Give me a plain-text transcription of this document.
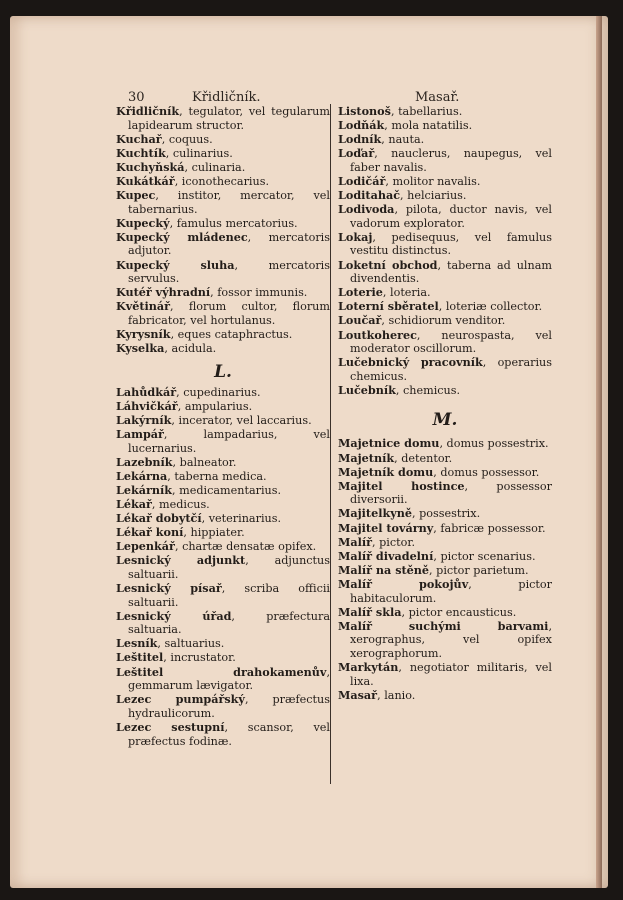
30	Křidličník.	Masař.
Křidličník, tegulator, vel tegularum lapidearum structor.
Kuchař, coquus.
Kuchtík, culinarius.
Kuchyňská, culinaria.
Kukátkář, iconothecarius.
Kupec, institor, mercator, vel tabernarius.
Kupecký, famulus mercatorius.
Kupecký mládenec, mercatoris adjutor.
Kupecký sluha, mercatoris servulus.
Kutéř výhradní, fossor immunis.
Květinář, florum cultor, florum fabricator, vel hortulanus.
Kyrysník, eques cataphractus.
Kyselka, acidula.
L.
Lahůdkář, cupedinarius.
Láhvičkář, ampularius.
Lakýrník, incerator, vel laccarius.
Lampář, lampadarius, vel lucernarius.
Lazebník, balneator.
Lekárna, taberna medica.
Lekárník, medicamentarius.
Lékař, medicus.
Lékař dobytčí, veterinarius.
Lékař koní, hippiater.
Lepenkář, chartæ densatæ opifex.
Lesnický adjunkt, adjunctus saltuarii.
Lesnický písař, scriba officii saltuarii.
Lesnický úřad, præfectura saltuaria.
Lesník, saltuarius.
Leštitel, incrustator.
Leštitel drahokamenův, gemmarum lævigator.
Lezec pumpářský, præfectus hydraulicorum.
Lezec sestupní, scansor, vel præfectus fodinæ.
Listonoš, tabellarius.
Lodňák, mola natatilis.
Lodník, nauta.
Loďař, nauclerus, naupegus, vel faber navalis.
Lodičář, molitor navalis.
Loditahač, helciarius.
Lodivoda, pilota, ductor navis, vel vadorum explorator.
Lokaj, pedisequus, vel famulus vestitu distinctus.
Loketní obchod, taberna ad ulnam divendentis.
Loterie, loteria.
Loterní sběratel, loteriæ collector.
Loučař, schidiorum venditor.
Loutkoherec, neurospasta, vel moderator oscillorum.
Lučebnický pracovník, operarius chemicus.
Lučebník, chemicus.
M.
Majetnice domu, domus possestrix.
Majetník, detentor.
Majetník domu, domus possessor.
Majitel hostince, possessor diversorii.
Majitelkyně, possestrix.
Majitel továrny, fabricæ possessor.
Malíř, pictor.
Malíř divadelní, pictor scenarius.
Malíř na stěně, pictor parietum.
Malíř pokojův, pictor habitaculorum.
Malíř skla, pictor encausticus.
Malíř suchými barvami, xerographus, vel opifex xerographorum.
Markytán, negotiator militaris, vel lixa.
Masař, lanio.
